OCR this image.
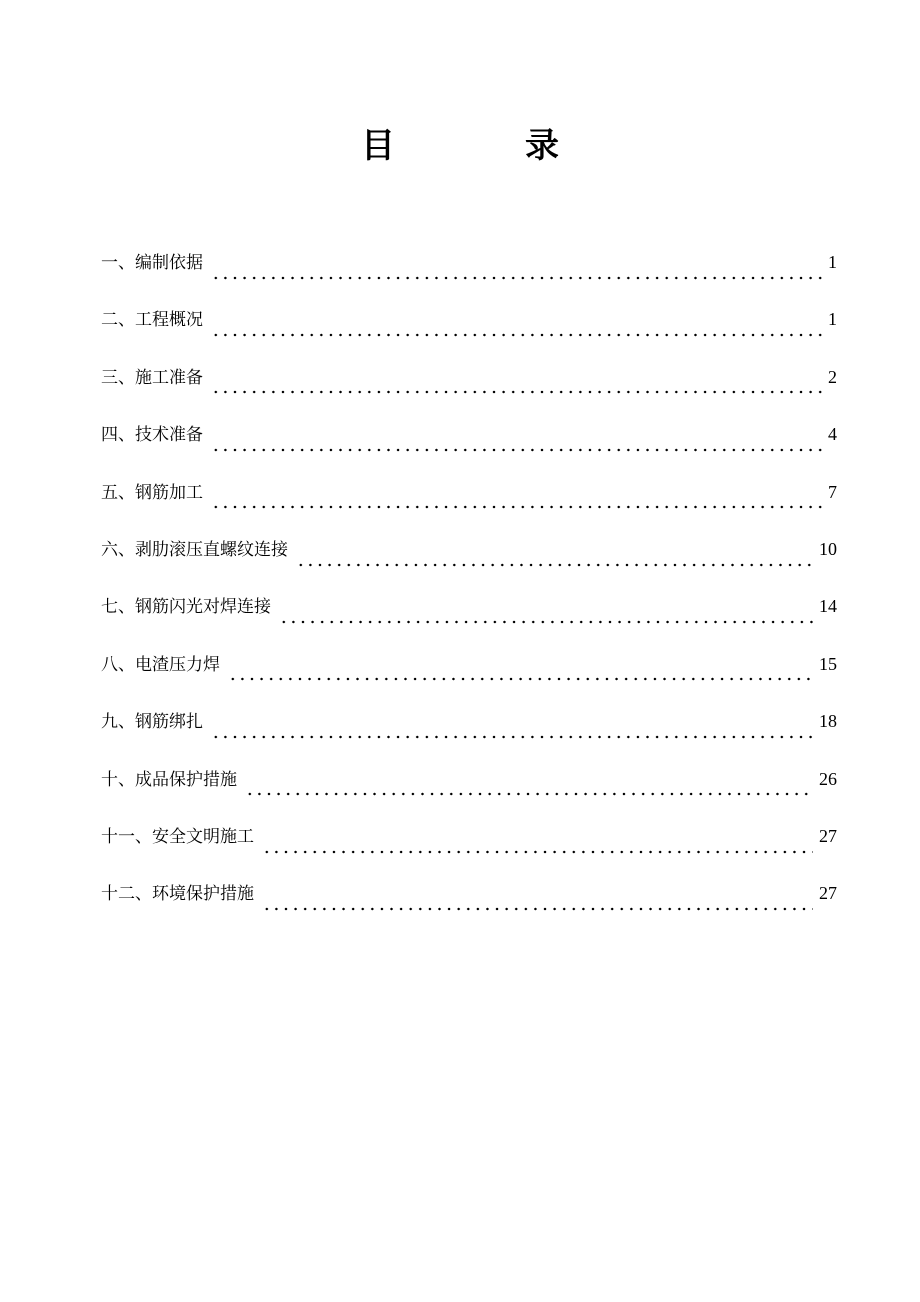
目　录
一、编制依据	1
二、工程概况	1
三、施工准备	2
四、技术准备	4
五、钢筋加工	7
六、剥肋滚压直螺纹连接	10
七、钢筋闪光对焊连接	14
八、电渣压力焊	15
九、钢筋绑扎	18
十、成品保护措施	26
十一、安全文明施工	27
十二、环境保护措施	27
